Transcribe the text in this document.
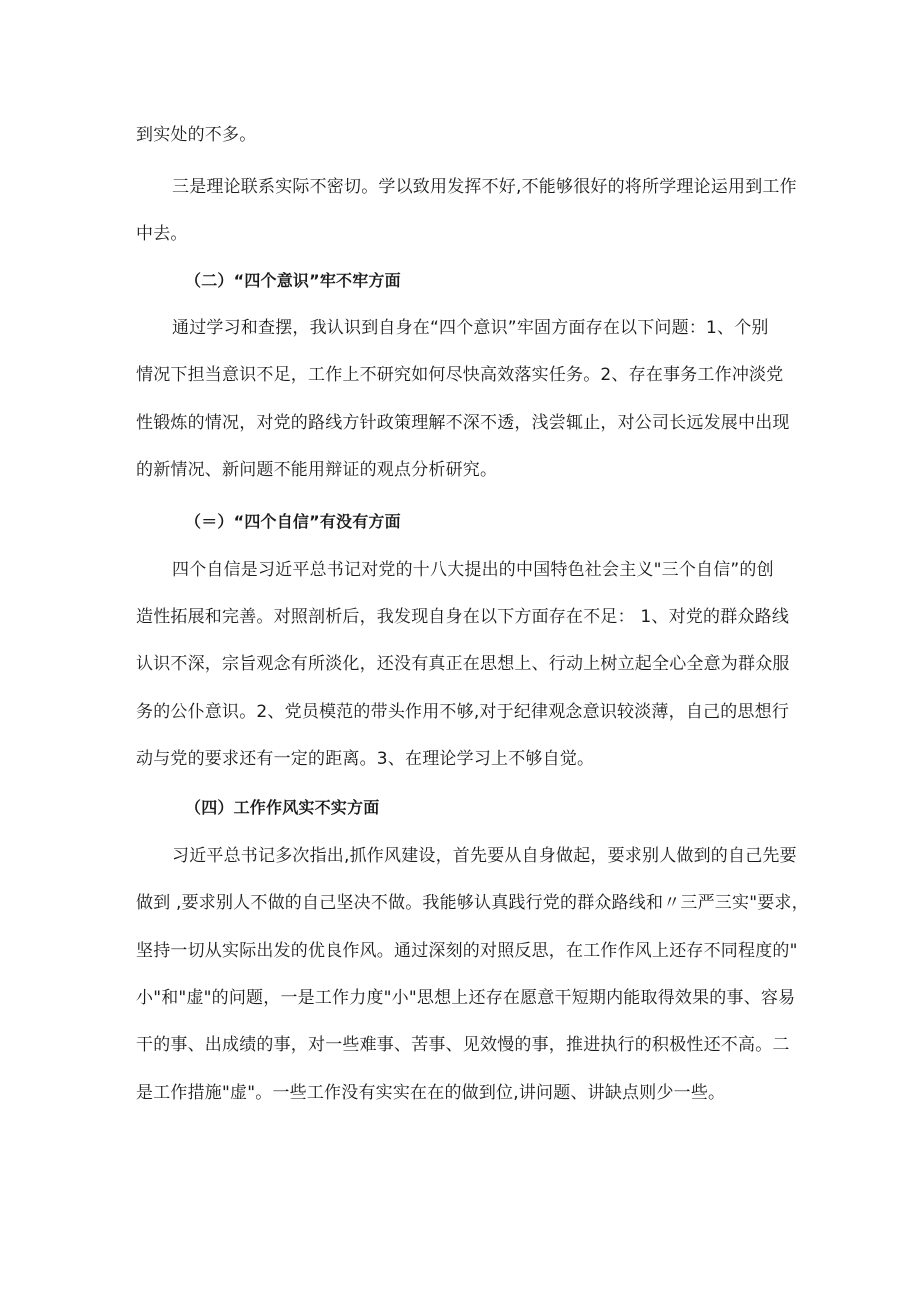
到实处的不多。
三是理论联系实际不密切。学以致用发挥不好,不能够很好的将所学理论运用到工作
中去。
（二）“四个意识”牢不牢方面
通过学习和查摆，我认识到自身在“四个意识”牢固方面存在以下问题：1、个别
情况下担当意识不足，工作上不研究如何尽快高效落实任务。2、存在事务工作冲淡党
性锻炼的情况，对党的路线方针政策理解不深不透，浅尝辄止，对公司长远发展中出现
的新情况、新问题不能用辩证的观点分析研究。
（＝）“四个自信”有没有方面
四个自信是习近平总书记对党的十八大提出的中国特色社会主义"三个自信”的创
造性拓展和完善。对照剖析后，我发现自身在以下方面存在不足： 1、对党的群众路线
认识不深，宗旨观念有所淡化，还没有真正在思想上、行动上树立起全心全意为群众服
务的公仆意识。2、党员模范的带头作用不够,对于纪律观念意识较淡薄，自己的思想行
动与党的要求还有一定的距离。3、在理论学习上不够自觉。
（四）工作作风实不实方面
习近平总书记多次指出,抓作风建设，首先要从自身做起，要求别人做到的自己先要
做到 ,要求别人不做的自己坚决不做。我能够认真践行党的群众路线和〃三严三实"要求，
坚持一切从实际出发的优良作风。通过深刻的对照反思，在工作作风上还存不同程度的"
小"和"虚"的问题，一是工作力度"小"思想上还存在愿意干短期内能取得效果的事、容易
干的事、出成绩的事，对一些难事、苦事、见效慢的事，推进执行的积极性还不高。二
是工作措施"虚"。一些工作没有实实在在的做到位,讲问题、讲缺点则少一些。
